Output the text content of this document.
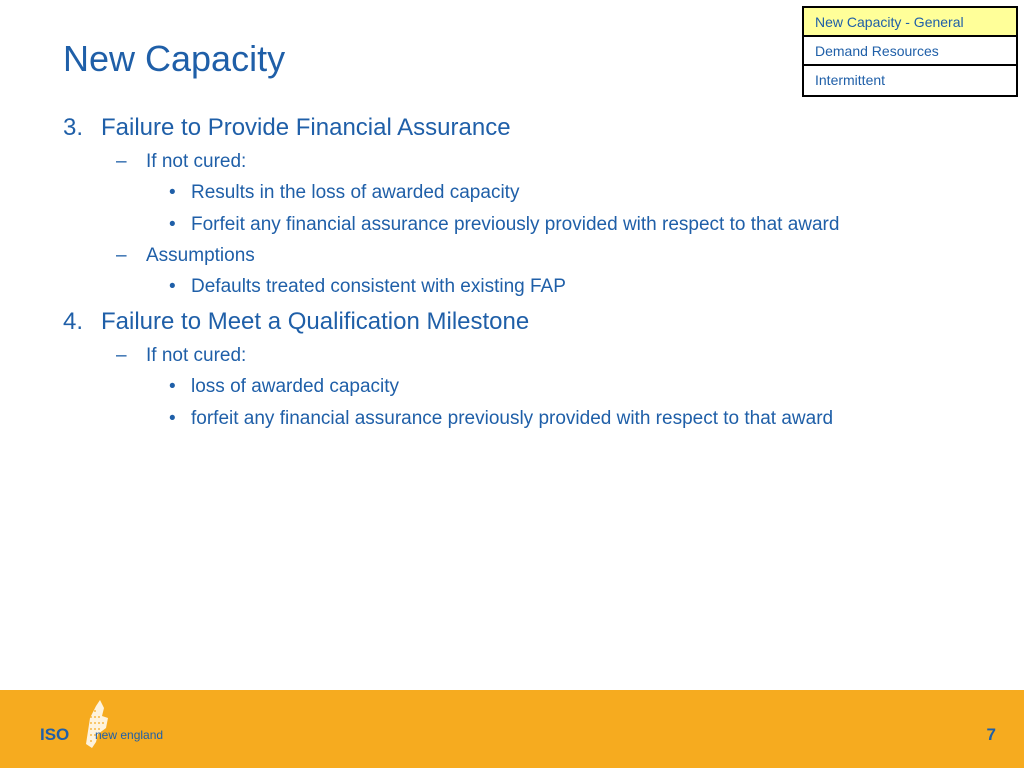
New Capacity
New Capacity - General
Demand Resources
Intermittent
3. Failure to Provide Financial Assurance
– If not cured:
• Results in the loss of awarded capacity
• Forfeit any financial assurance previously provided with respect to that award
– Assumptions
• Defaults treated consistent with existing FAP
4. Failure to Meet a Qualification Milestone
– If not cured:
• loss of awarded capacity
• forfeit any financial assurance previously provided with respect to that award
ISO new england	7
